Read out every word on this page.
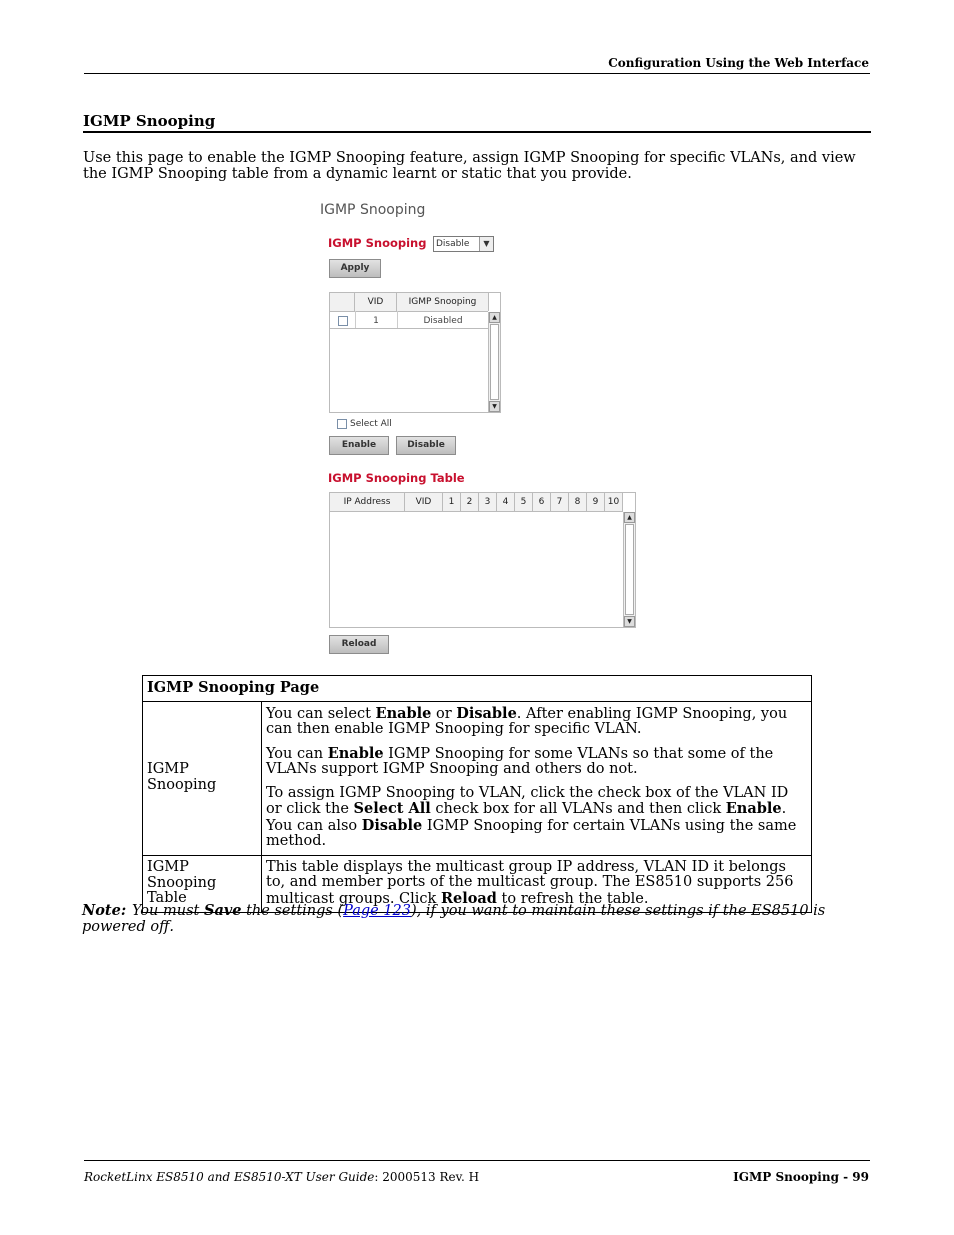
Configuration Using the Web Interface
IGMP Snooping
Use this page to enable the IGMP Snooping feature, assign IGMP Snooping for specific VLANs, and view the IGMP Snooping table from a dynamic learnt or static that you provide.
IGMP Snooping
IGMP Snooping	Disable	▼
Apply
VID	IGMP Snooping
1	Disabled	▲
▼
Select All
Enable	Disable
IGMP Snooping Table
IP Address	VID	1	2	3	4	5	6	7	8	9	10
▲
▼
Reload
IGMP Snooping Page	
IGMP Snooping	You can select Enable or Disable. After enabling IGMP Snooping, you can then enable IGMP Snooping for specific VLAN.

You can Enable IGMP Snooping for some VLANs so that some of the VLANs support IGMP Snooping and others do not.

To assign IGMP Snooping to VLAN, click the check box of the VLAN ID or click the Select All check box for all VLANs and then click Enable. You can also Disable IGMP Snooping for certain VLANs using the same method.

IGMP Snooping Table	This table displays the multicast group IP address, VLAN ID it belongs to, and member ports of the multicast group. The ES8510 supports 256 multicast groups. Click Reload to refresh the table.

Note: You must Save the settings (Page 123), if you want to maintain these settings if the ES8510 is powered off.
RocketLinx ES8510 and ES8510-XT User Guide: 2000513 Rev. H	IGMP Snooping - 99
